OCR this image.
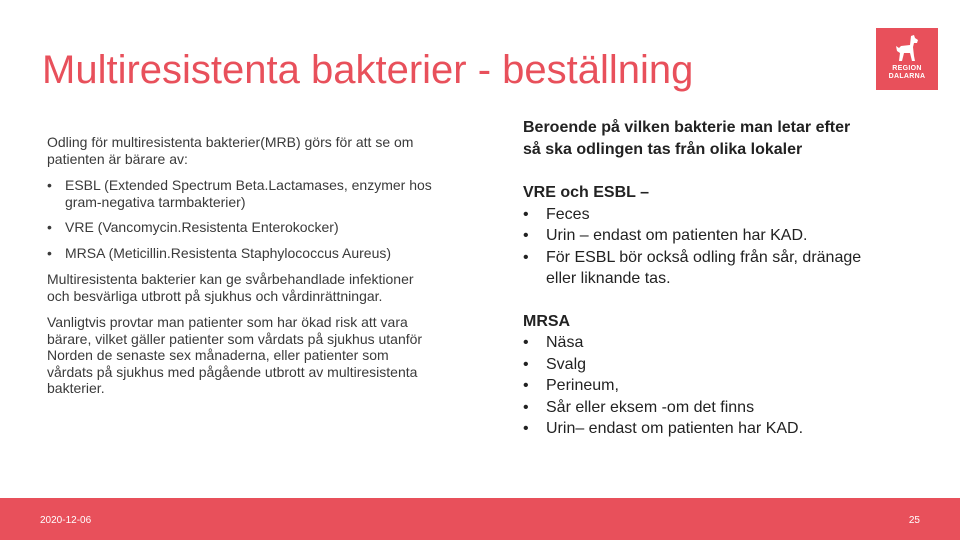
Multiresistenta bakterier - beställning	REGION
DALARNA

Odling för multiresistenta bakterier(MRB) görs för att se om patienten är bärare av:

• ESBL (Extended Spectrum Beta.Lactamases, enzymer hos gram-negativa tarmbakterier)
• VRE (Vancomycin.Resistenta Enterokocker)
• MRSA (Meticillin.Resistenta Staphylococcus Aureus)

Multiresistenta bakterier kan ge svårbehandlade infektioner och besvärliga utbrott på sjukhus och vårdinrättningar.

Vanligtvis provtar man patienter som har ökad risk att vara bärare, vilket gäller patienter som vårdats på sjukhus utanför Norden de senaste sex månaderna, eller patienter som vårdats på sjukhus med pågående utbrott av multiresistenta bakterier.

Beroende på vilken bakterie man letar efter så ska odlingen tas från olika lokaler

VRE och ESBL –
• Feces
• Urin – endast om patienten har KAD.
• För ESBL bör också odling från sår, dränage eller liknande tas.
MRSA
• Näsa
• Svalg
• Perineum,
• Sår eller eksem -om det finns
• Urin– endast om patienten har KAD.
2020-12-06	25
